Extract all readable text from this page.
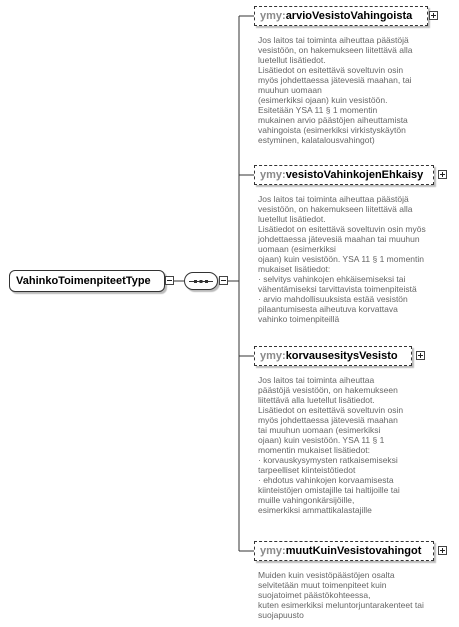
VahinkoToimenpiteetType
ymy:arvioVesistoVahingoista
Jos laitos tai toiminta aiheuttaa päästöjä
vesistöön, on hakemukseen liitettävä alla
luetellut lisätiedot.
Lisätiedot on esitettävä soveltuvin osin
myös johdettaessa jätevesiä maahan, tai
muuhun uomaan
(esimerkiksi ojaan) kuin vesistöön.
Esitetään YSA 11 § 1 momentin
mukainen arvio päästöjen aiheuttamista
vahingoista (esimerkiksi virkistyskäytön
estyminen, kalatalousvahingot)
ymy:vesistoVahinkojenEhkaisy
Jos laitos tai toiminta aiheuttaa päästöjä
vesistöön, on hakemukseen liitettävä alla
luetellut lisätiedot.
Lisätiedot on esitettävä soveltuvin osin myös
johdettaessa jätevesiä maahan tai muuhun
uomaan (esimerkiksi
ojaan) kuin vesistöön. YSA 11 § 1 momentin
mukaiset lisätiedot:
· selvitys vahinkojen ehkäisemiseksi tai
vähentämiseksi tarvittavista toimenpiteistä
· arvio mahdollisuuksista estää vesistön
pilaantumisesta aiheutuva korvattava
vahinko toimenpiteillä
ymy:korvausesitysVesisto
Jos laitos tai toiminta aiheuttaa
päästöjä vesistöön, on hakemukseen
liitettävä alla luetellut lisätiedot.
Lisätiedot on esitettävä soveltuvin osin
myös johdettaessa jätevesiä maahan
tai muuhun uomaan (esimerkiksi
ojaan) kuin vesistöön. YSA 11 § 1
momentin mukaiset lisätiedot:
· korvauskysymysten ratkaisemiseksi
tarpeelliset kiinteistötiedot
· ehdotus vahinkojen korvaamisesta
kiinteistöjen omistajille tai haltijoille tai
muille vahingonkärsijöille,
esimerkiksi ammattikalastajille
ymy:muutKuinVesistovahingot
Muiden kuin vesistöpäästöjen osalta
selvitetään muut toimenpiteet kuin
suojatoimet päästökohteessa,
kuten esimerkiksi meluntorjuntarakenteet tai
suojapuusto
